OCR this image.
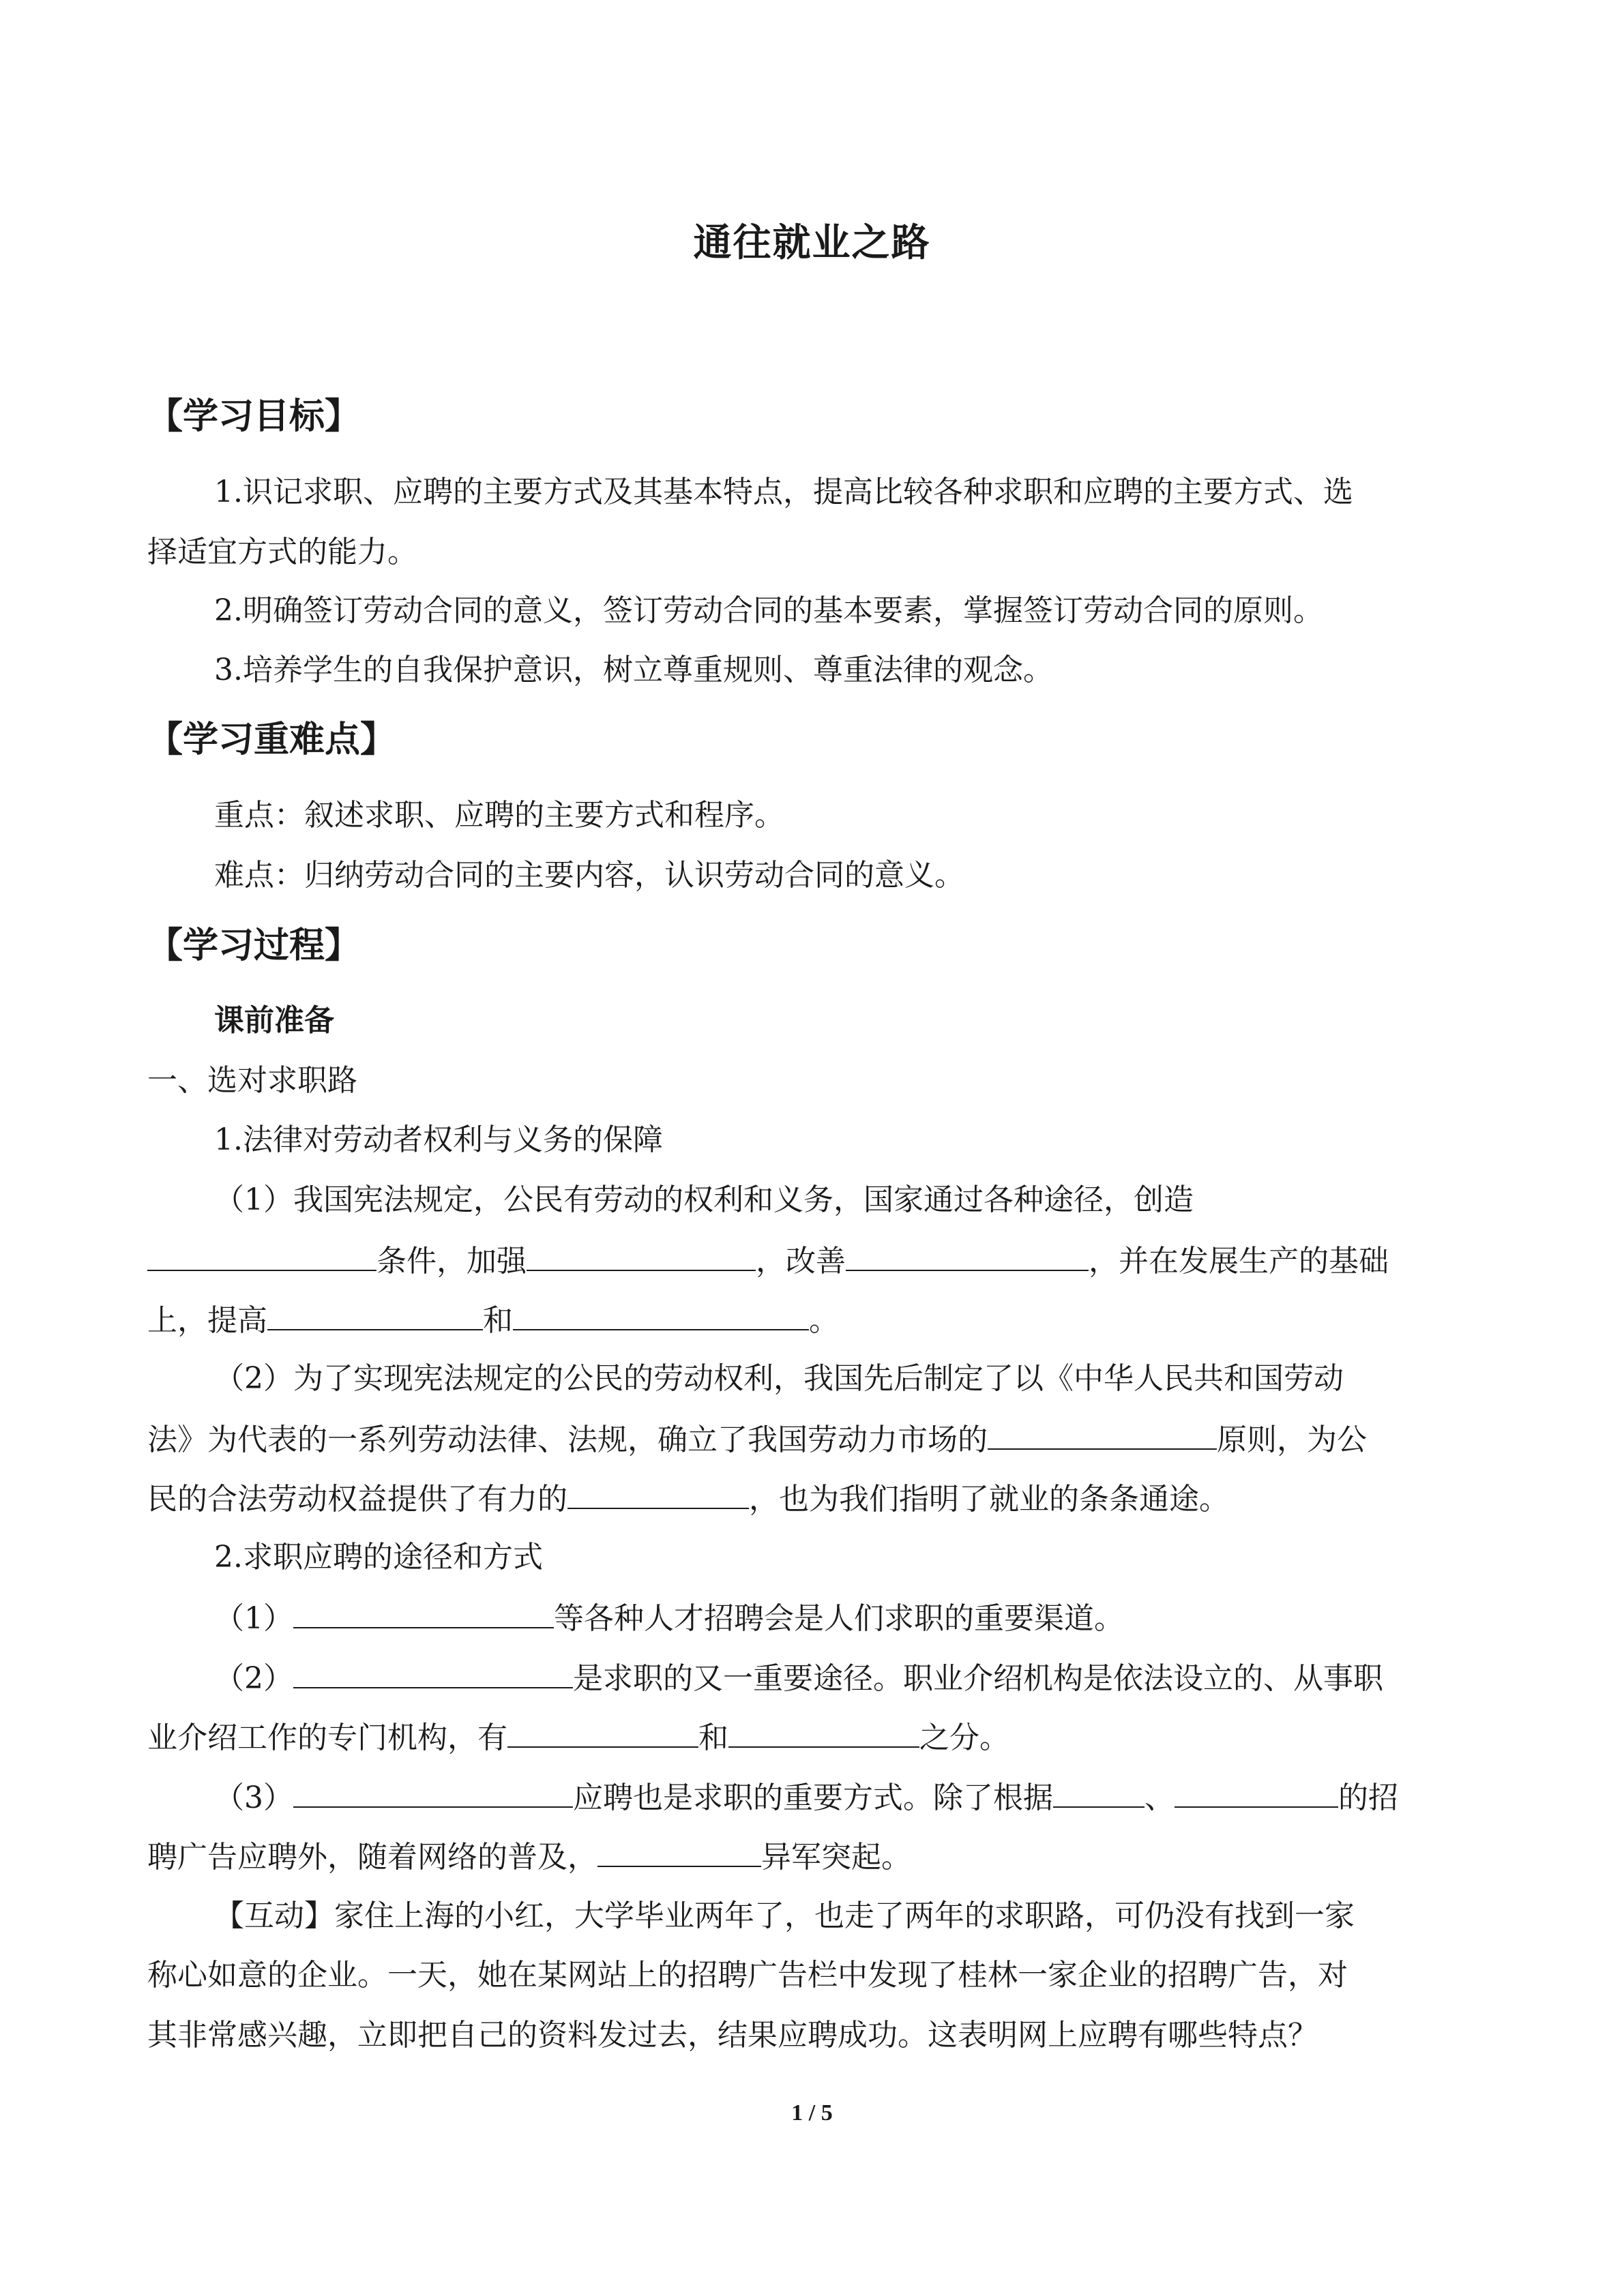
通往就业之路
【学习目标】
1.识记求职、应聘的主要方式及其基本特点，提高比较各种求职和应聘的主要方式、选
择适宜方式的能力。
2.明确签订劳动合同的意义，签订劳动合同的基本要素，掌握签订劳动合同的原则。
3.培养学生的自我保护意识，树立尊重规则、尊重法律的观念。
【学习重难点】
重点：叙述求职、应聘的主要方式和程序。
难点：归纳劳动合同的主要内容，认识劳动合同的意义。
【学习过程】
课前准备
一、选对求职路
1.法律对劳动者权利与义务的保障
（1）我国宪法规定，公民有劳动的权利和义务，国家通过各种途径，创造
条件，加强	，改善	，并在发展生产的基础
上，提高	和	。
（2）为了实现宪法规定的公民的劳动权利，我国先后制定了以《中华人民共和国劳动
法》为代表的一系列劳动法律、法规，确立了我国劳动力市场的	原则，为公
民的合法劳动权益提供了有力的	，也为我们指明了就业的条条通途。
2.求职应聘的途径和方式
（1）	等各种人才招聘会是人们求职的重要渠道。
（2）	是求职的又一重要途径。职业介绍机构是依法设立的、从事职
业介绍工作的专门机构，有	和	之分。
（3）	应聘也是求职的重要方式。除了根据	、	的招
聘广告应聘外，随着网络的普及，	异军突起。
【互动】家住上海的小红，大学毕业两年了，也走了两年的求职路，可仍没有找到一家
称心如意的企业。一天，她在某网站上的招聘广告栏中发现了桂林一家企业的招聘广告，对
其非常感兴趣，立即把自己的资料发过去，结果应聘成功。这表明网上应聘有哪些特点？
1 / 5
